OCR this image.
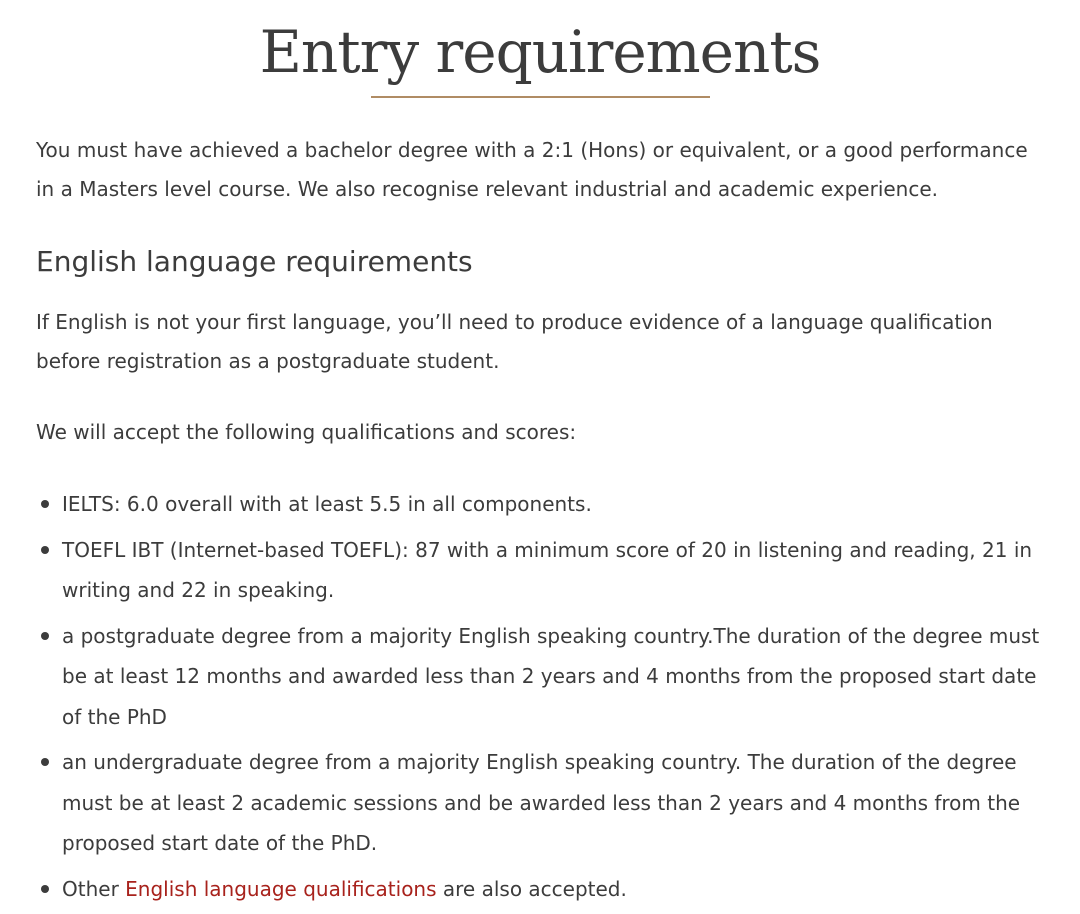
Entry requirements

You must have achieved a bachelor degree with a 2:1 (Hons) or equivalent, or a good performance in a Masters level course. We also recognise relevant industrial and academic experience.

English language requirements

If English is not your first language, you’ll need to produce evidence of a language qualification before registration as a postgraduate student.

We will accept the following qualifications and scores:

IELTS: 6.0 overall with at least 5.5 in all components.
TOEFL IBT (Internet-based TOEFL): 87 with a minimum score of 20 in listening and reading, 21 in writing and 22 in speaking.
a postgraduate degree from a majority English speaking country.The duration of the degree must be at least 12 months and awarded less than 2 years and 4 months from the proposed start date of the PhD
an undergraduate degree from a majority English speaking country. The duration of the degree must be at least 2 academic sessions and be awarded less than 2 years and 4 months from the proposed start date of the PhD.
Other English language qualifications are also accepted.
